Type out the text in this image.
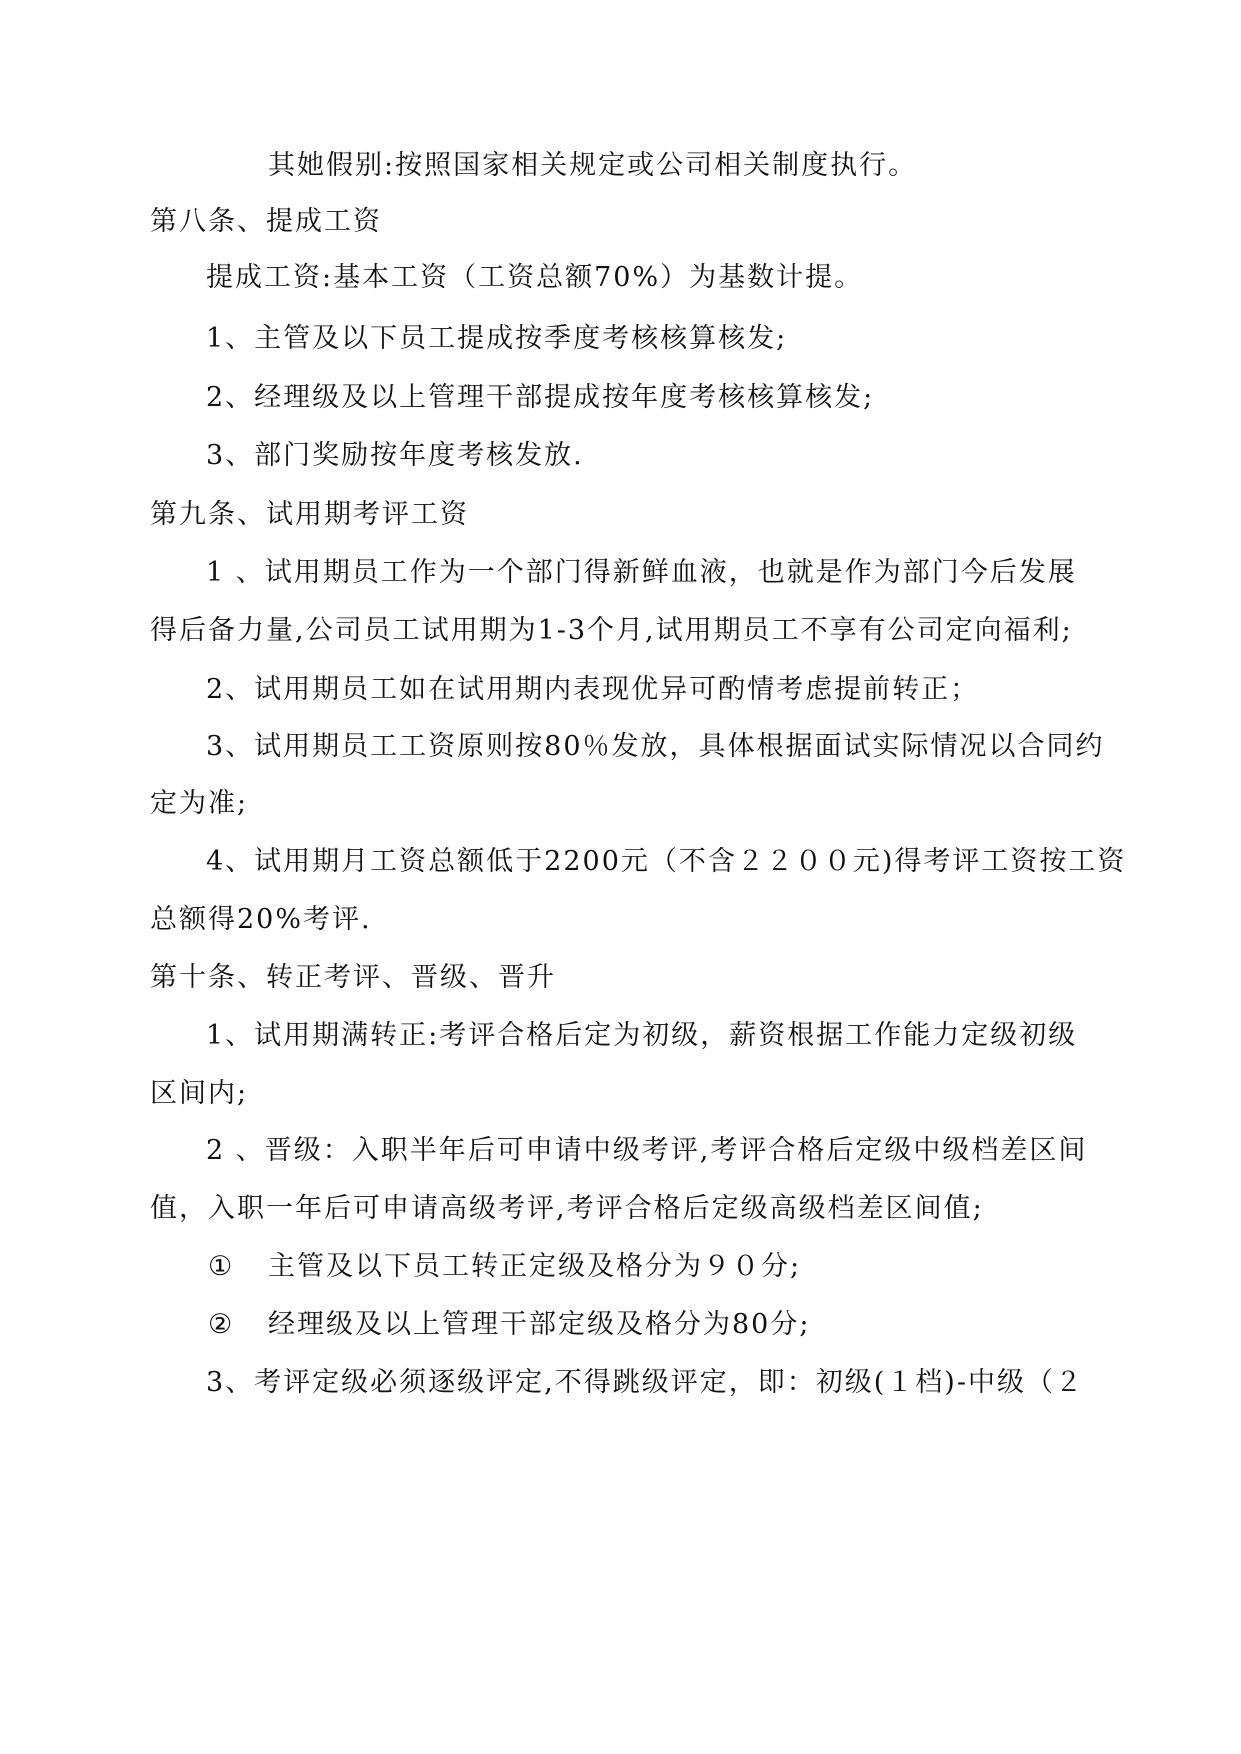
其她假别:按照国家相关规定或公司相关制度执行。
第八条、提成工资
提成工资:基本工资（工资总额70%）为基数计提。
1、主管及以下员工提成按季度考核核算核发;
2、经理级及以上管理干部提成按年度考核核算核发;
3、部门奖励按年度考核发放.
第九条、试用期考评工资
1 、试用期员工作为一个部门得新鲜血液，也就是作为部门今后发展
得后备力量,公司员工试用期为1-3个月,试用期员工不享有公司定向福利;
2、试用期员工如在试用期内表现优异可酌情考虑提前转正；
3、试用期员工工资原则按80％发放，具体根据面试实际情况以合同约
定为准;
4、试用期月工资总额低于2200元（不含２２００元)得考评工资按工资
总额得20%考评.
第十条、转正考评、晋级、晋升
1、试用期满转正:考评合格后定为初级，薪资根据工作能力定级初级
区间内;
2 、晋级：入职半年后可申请中级考评,考评合格后定级中级档差区间
值，入职一年后可申请高级考评,考评合格后定级高级档差区间值;
① 主管及以下员工转正定级及格分为９０分;
② 经理级及以上管理干部定级及格分为80分;
3、考评定级必须逐级评定,不得跳级评定，即：初级(１档)-中级（２
